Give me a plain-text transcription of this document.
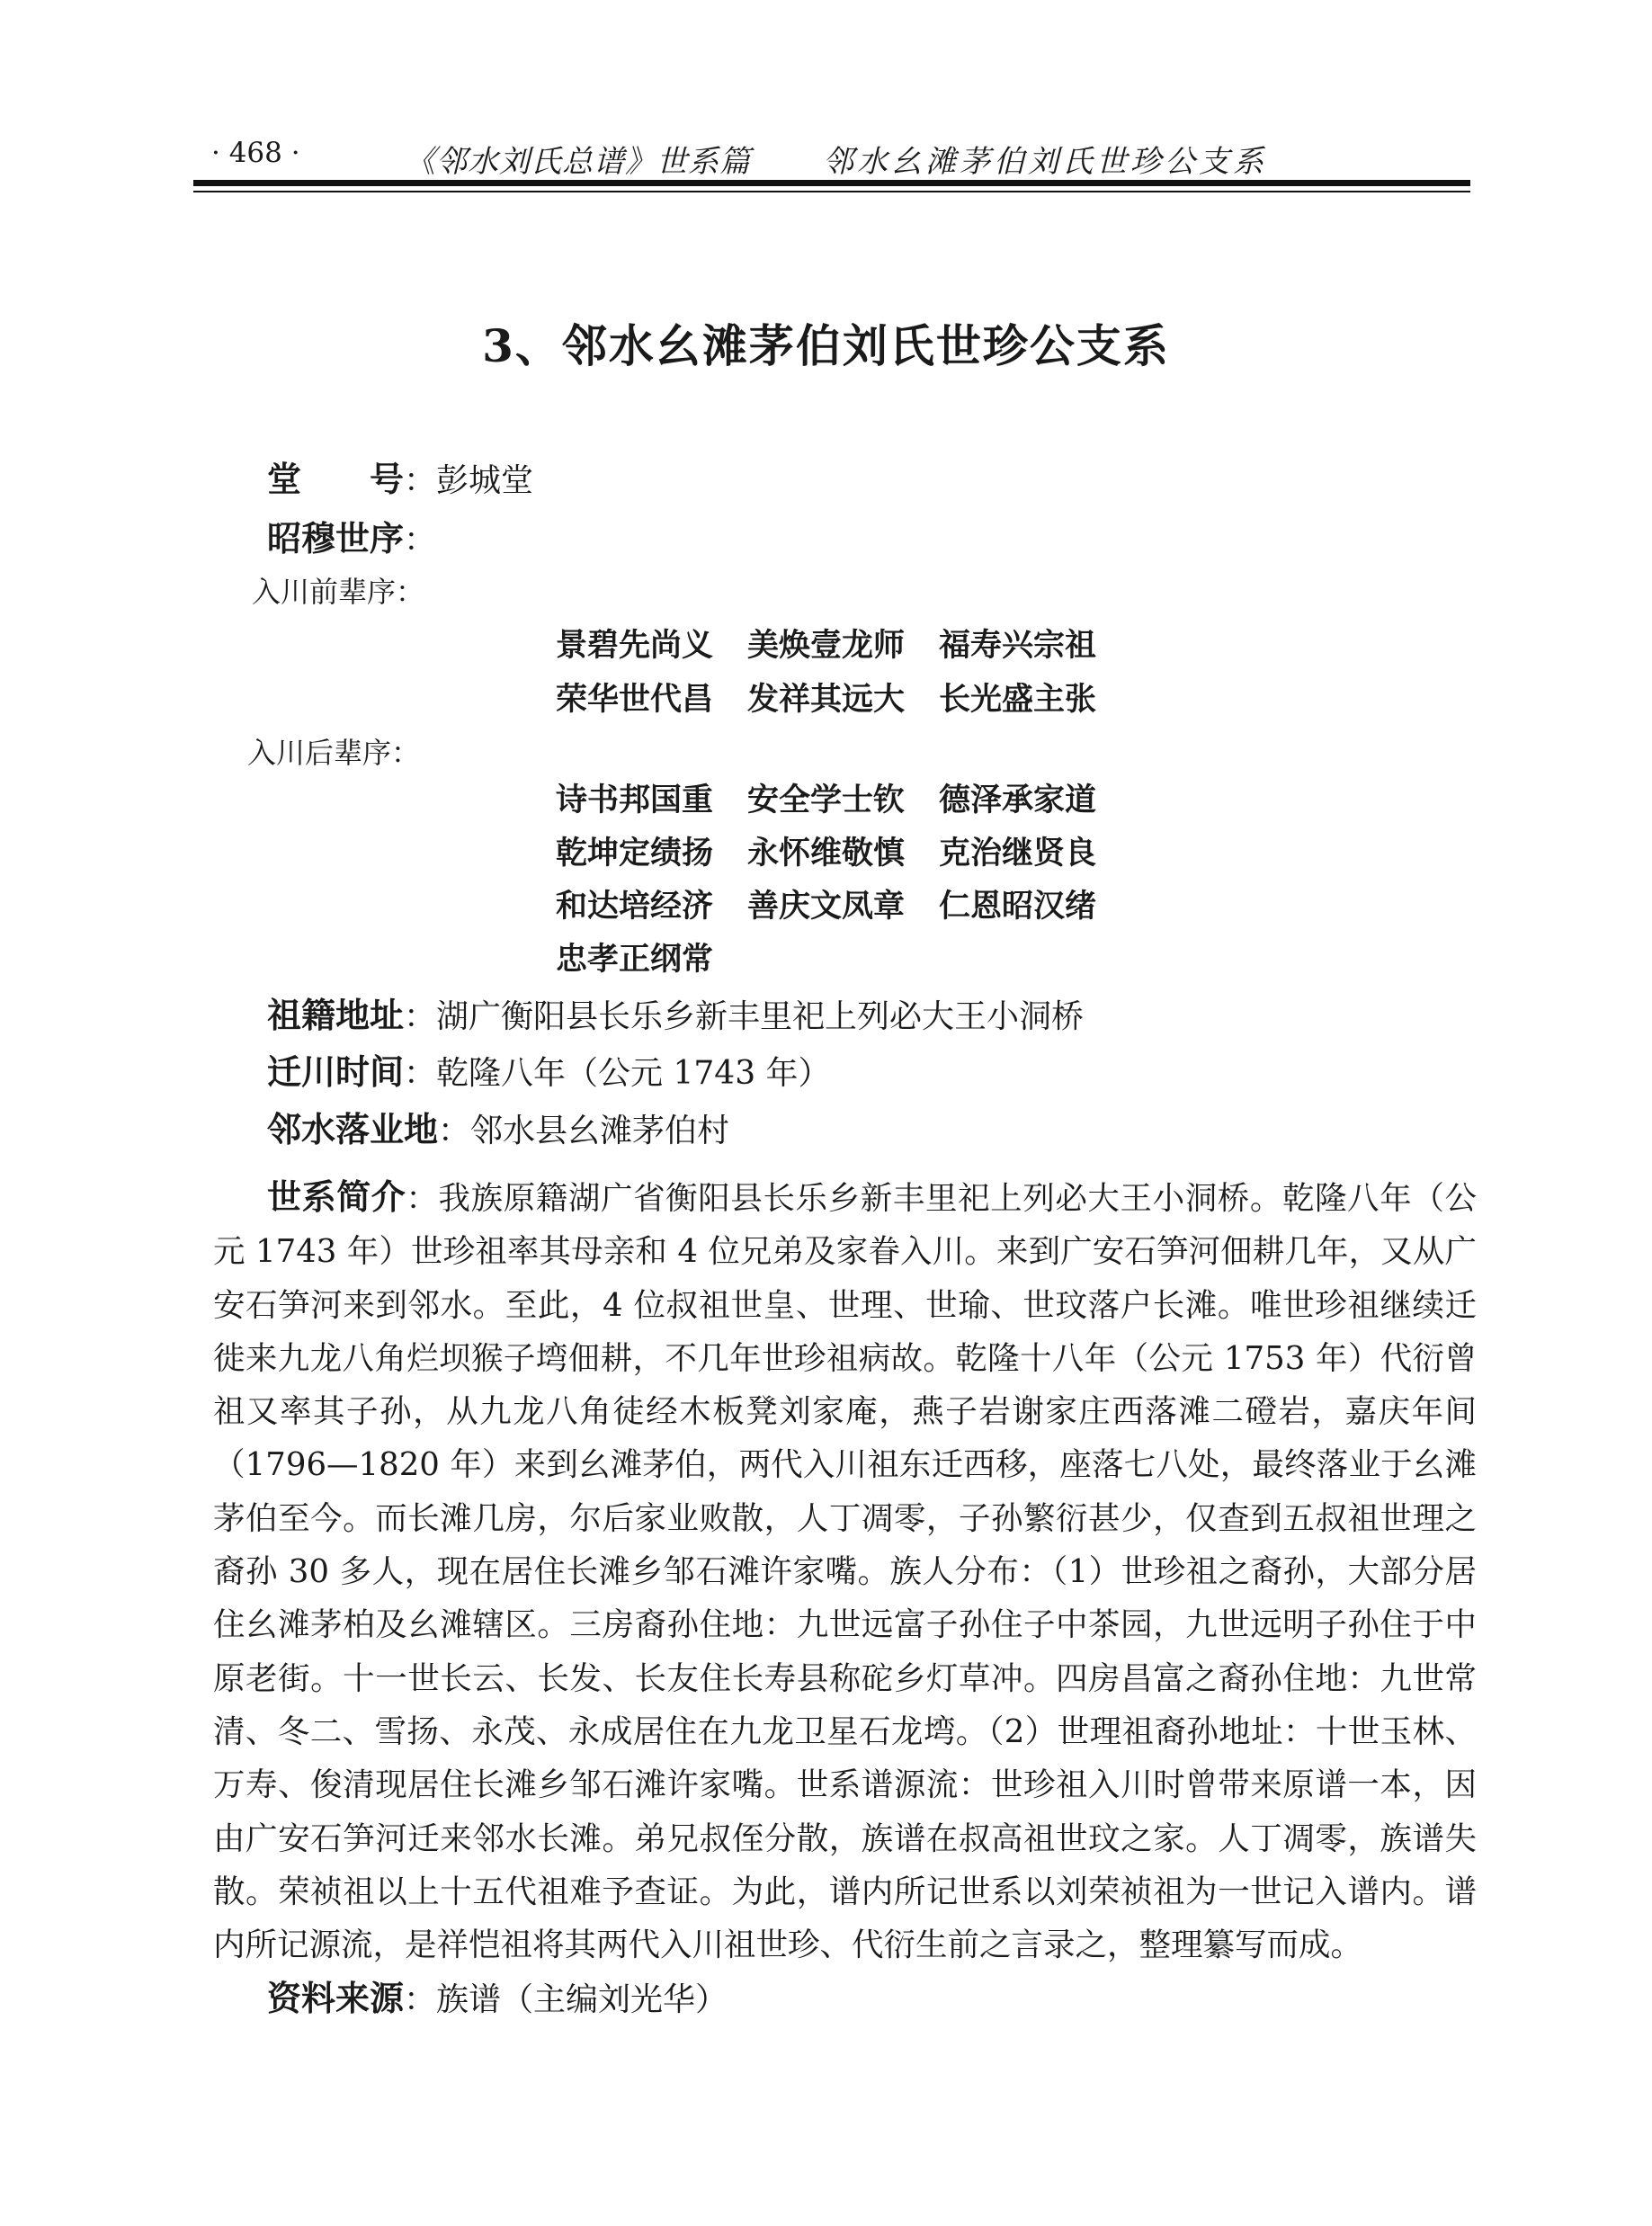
· 468 ·	《邻水刘氏总谱》世系篇 邻水幺滩茅伯刘氏世珍公支系
3、邻水幺滩茅伯刘氏世珍公支系
堂　　号：彭城堂
昭穆世序：
入川前辈序：
景碧先尚义 美焕壹龙师 福寿兴宗祖
荣华世代昌 发祥其远大 长光盛主张
入川后辈序：
诗书邦国重 安全学士钦 德泽承家道
乾坤定绩扬 永怀维敬慎 克治继贤良
和达培经济 善庆文凤章 仁恩昭汉绪
忠孝正纲常
祖籍地址：湖广衡阳县长乐乡新丰里祀上列必大王小洞桥
迁川时间：乾隆八年（公元 1743 年）
邻水落业地：邻水县幺滩茅伯村
世系简介：我族原籍湖广省衡阳县长乐乡新丰里祀上列必大王小洞桥。乾隆八年（公元 1743 年）世珍祖率其母亲和 4 位兄弟及家眷入川。来到广安石笋河佃耕几年，又从广安石笋河来到邻水。至此，4 位叔祖世皇、世理、世瑜、世玟落户长滩。唯世珍祖继续迁徙来九龙八角烂坝猴子塆佃耕，不几年世珍祖病故。乾隆十八年（公元 1753 年）代衍曾祖又率其子孙，从九龙八角徒经木板凳刘家庵，燕子岩谢家庄西落滩二磴岩，嘉庆年间（1796—1820 年）来到幺滩茅伯，两代入川祖东迁西移，座落七八处，最终落业于幺滩茅伯至今。而长滩几房，尔后家业败散，人丁凋零，子孙繁衍甚少，仅查到五叔祖世理之裔孙 30 多人，现在居住长滩乡邹石滩许家嘴。族人分布：（1）世珍祖之裔孙，大部分居住幺滩茅柏及幺滩辖区。三房裔孙住地：九世远富子孙住子中茶园，九世远明子孙住于中原老街。十一世长云、长发、长友住长寿县称砣乡灯草冲。四房昌富之裔孙住地：九世常清、冬二、雪扬、永茂、永成居住在九龙卫星石龙塆。（2）世理祖裔孙地址：十世玉林、万寿、俊清现居住长滩乡邹石滩许家嘴。世系谱源流：世珍祖入川时曾带来原谱一本，因由广安石笋河迁来邻水长滩。弟兄叔侄分散，族谱在叔高祖世玟之家。人丁凋零，族谱失散。荣祯祖以上十五代祖难予查证。为此，谱内所记世系以刘荣祯祖为一世记入谱内。谱内所记源流，是祥恺祖将其两代入川祖世珍、代衍生前之言录之，整理纂写而成。
资料来源：族谱（主编刘光华）
